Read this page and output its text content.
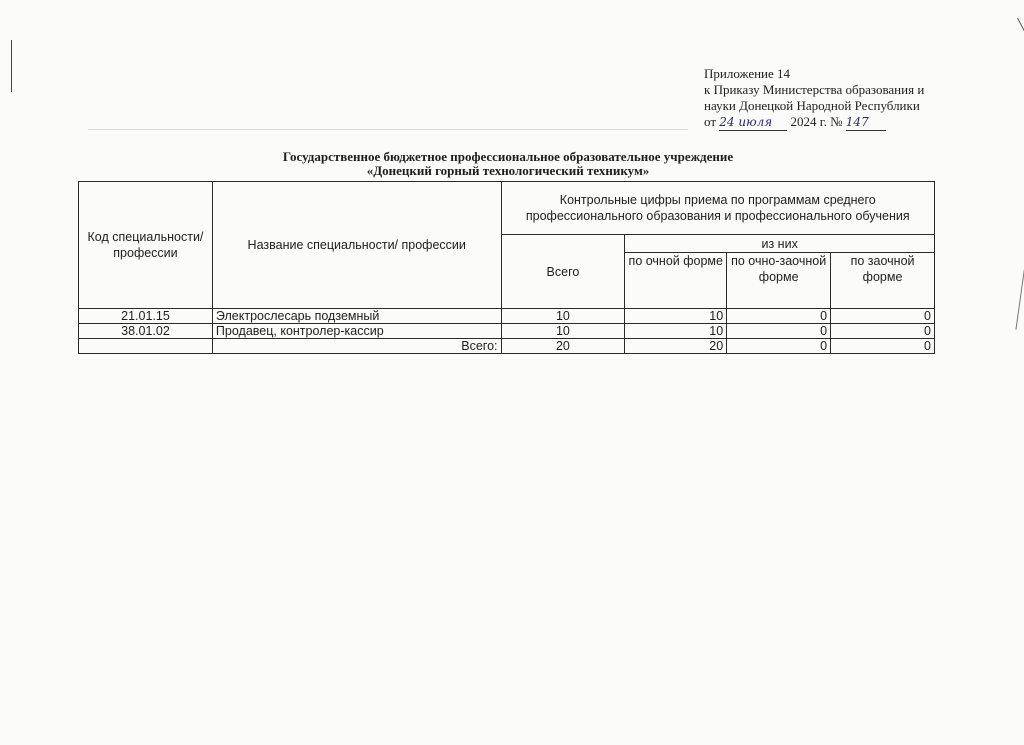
Приложение 14
к Приказу Министерства образования и
науки Донецкой Народной Республики
от 24 июля 2024 г. № 147
Государственное бюджетное профессиональное образовательное учреждение
«Донецкий горный технологический техникум»
Код специальности/ профессии	Название специальности/ профессии	Контрольные цифры приема по программам среднего профессионального образования и профессионального обучения			
		Всего	из них		
			по очной форме	по очно-заочной форме	по заочной форме
21.01.15	Электрослесарь подземный	10	10	0	0
38.01.02	Продавец, контролер-кассир	10	10	0	0
	Всего:	20	20	0	0
